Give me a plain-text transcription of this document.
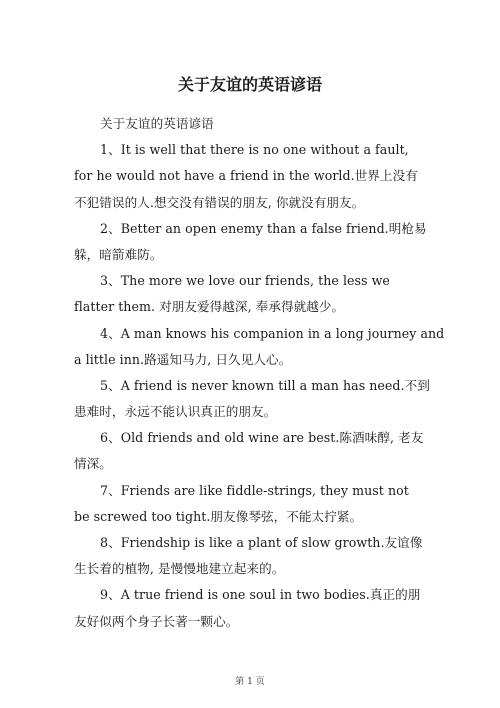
关于友谊的英语谚语
关于友谊的英语谚语
1、It is well that there is no one without a fault,
for he would not have a friend in the world.世界上没有
不犯错误的人.想交没有错误的朋友, 你就没有朋友。
2、Better an open enemy than a false friend.明枪易
躲，暗箭难防。
3、The more we love our friends, the less we
flatter them. 对朋友爱得越深, 奉承得就越少。
4、A man knows his companion in a long journey and
a little inn.路遥知马力, 日久见人心。
5、A friend is never known till a man has need.不到
患难时，永远不能认识真正的朋友。
6、Old friends and old wine are best.陈酒味醇, 老友
情深。
7、Friends are like fiddle-strings, they must not
be screwed too tight.朋友像琴弦，不能太拧紧。
8、Friendship is like a plant of slow growth.友谊像
生长着的植物, 是慢慢地建立起来的。
9、A true friend is one soul in two bodies.真正的朋
友好似两个身子长著一颗心。
第 1 页
